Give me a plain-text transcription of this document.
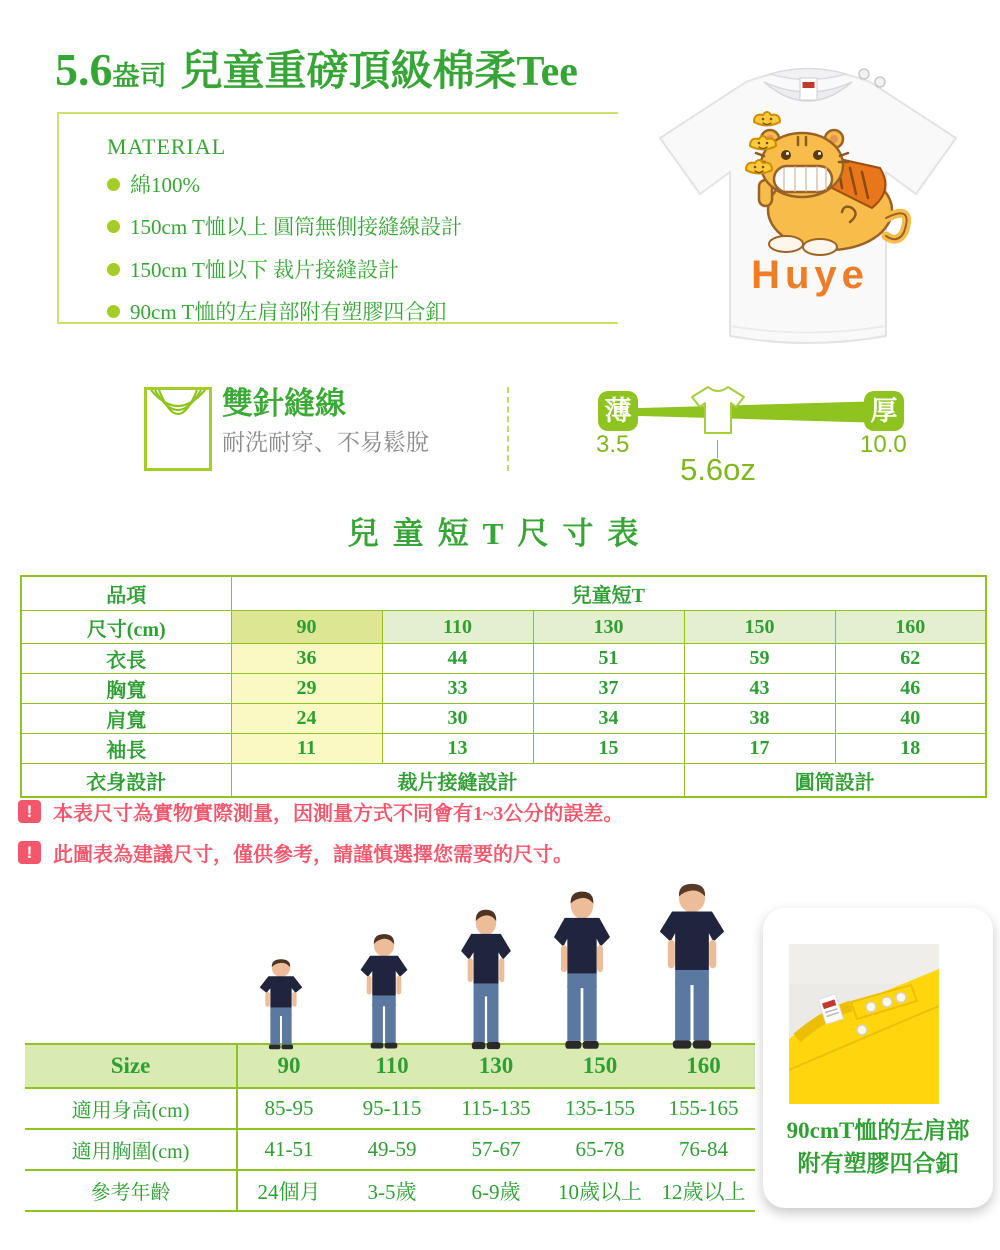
5.6盎司 兒童重磅頂級棉柔Tee
MATERIAL
綿100%
150cm T恤以上 圓筒無側接縫線設計
150cm T恤以下 裁片接縫設計
90cm T恤的左肩部附有塑膠四合釦
Huye
雙針縫線
耐洗耐穿、不易鬆脫
薄	厚
3.5	10.0
5.6oz
兒童短T尺寸表
品項	兒童短T				
尺寸(cm)	90	110	130	150	160
衣長	36	44	51	59	62
胸寬	29	33	37	43	46
肩寬	24	30	34	38	40
袖長	11	13	15	17	18
衣身設計	裁片接縫設計			圓筒設計	
!	本表尺寸為實物實際測量，因測量方式不同會有1~3公分的誤差。
!	此圖表為建議尺寸，僅供參考，請謹慎選擇您需要的尺寸。
Size	90	110	130	150	160
適用身高(cm)	85-95	95-115	115-135	135-155	155-165
適用胸圍(cm)	41-51	49-59	57-67	65-78	76-84
參考年齡	24個月	3-5歲	6-9歲	10歲以上	12歲以上
90cmT恤的左肩部
附有塑膠四合釦
